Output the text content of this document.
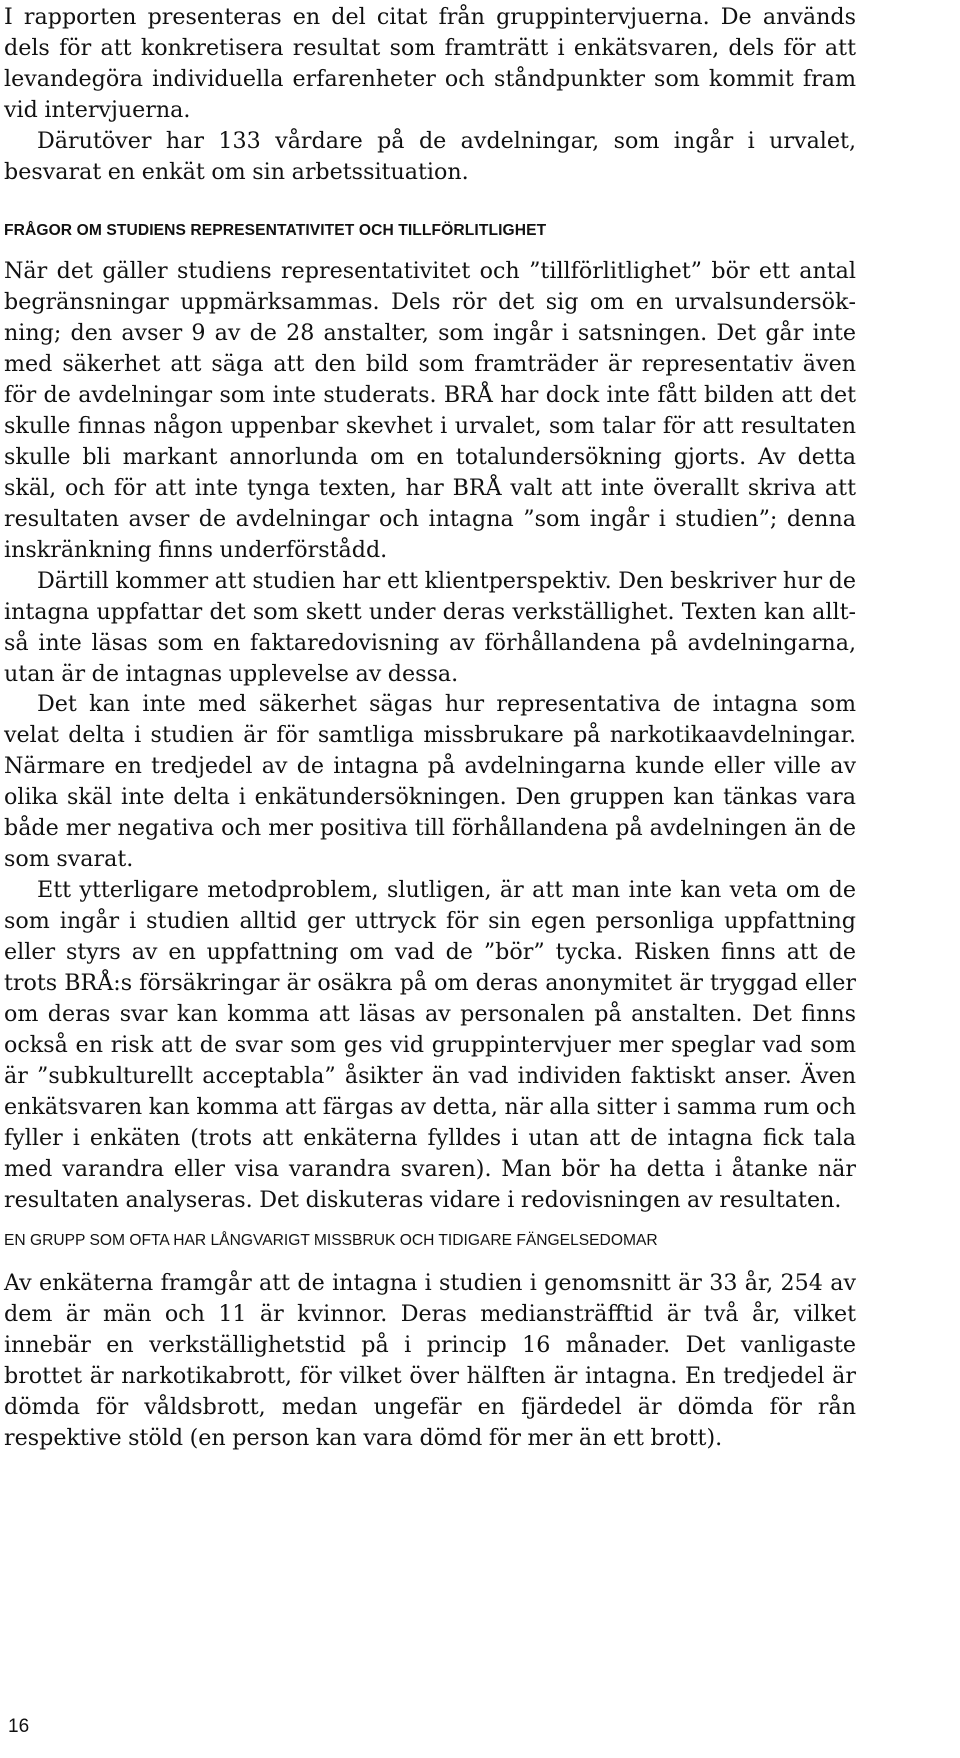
I rapporten presenteras en del citat från gruppintervjuerna. De används dels för att konkretisera resultat som framträtt i enkätsvaren, dels för att levandegöra individuella erfarenheter och ståndpunkter som kommit fram vid intervjuerna.

Därutöver har 133 vårdare på de avdelningar, som ingår i urvalet, besvarat en enkät om sin arbetssituation.

FRÅGOR OM STUDIENS REPRESENTATIVITET OCH TILLFÖRLITLIGHET

När det gäller studiens representativitet och ”tillförlitlighet” bör ett antal begränsningar uppmärksammas. Dels rör det sig om en urvalsundersökning; den avser 9 av de 28 anstalter, som ingår i satsningen. Det går inte med säkerhet att säga att den bild som framträder är representativ även för de avdelningar som inte studerats. BRÅ har dock inte fått bilden att det skulle finnas någon uppenbar skevhet i urvalet, som talar för att resultaten skulle bli markant annorlunda om en totalundersökning gjorts. Av detta skäl, och för att inte tynga texten, har BRÅ valt att inte överallt skriva att resultaten avser de avdelningar och intagna ”som ingår i studien”; denna inskränkning finns underförstådd.

Därtill kommer att studien har ett klientperspektiv. Den beskriver hur de intagna uppfattar det som skett under deras verkställighet. Texten kan alltså inte läsas som en faktaredovisning av förhållandena på avdelningarna, utan är de intagnas upplevelse av dessa.

Det kan inte med säkerhet sägas hur representativa de intagna som velat delta i studien är för samtliga missbrukare på narkotikaavdelningar. Närmare en tredjedel av de intagna på avdelningarna kunde eller ville av olika skäl inte delta i enkätundersökningen. Den gruppen kan tänkas vara både mer negativa och mer positiva till förhållandena på avdelningen än de som svarat.

Ett ytterligare metodproblem, slutligen, är att man inte kan veta om de som ingår i studien alltid ger uttryck för sin egen personliga uppfattning eller styrs av en uppfattning om vad de ”bör” tycka. Risken finns att de trots BRÅ:s försäkringar är osäkra på om deras anonymitet är tryggad eller om deras svar kan komma att läsas av personalen på anstalten. Det finns också en risk att de svar som ges vid gruppintervjuer mer speglar vad som är ”subkulturellt acceptabla” åsikter än vad individen faktiskt anser. Även enkätsvaren kan komma att färgas av detta, när alla sitter i samma rum och fyller i enkäten (trots att enkäterna fylldes i utan att de intagna fick tala med varandra eller visa varandra svaren). Man bör ha detta i åtanke när resultaten analyseras. Det diskuteras vidare i redovisningen av resultaten.

EN GRUPP SOM OFTA HAR LÅNGVARIGT MISSBRUK OCH TIDIGARE FÄNGELSEDOMAR

Av enkäterna framgår att de intagna i studien i genomsnitt är 33 år, 254 av dem är män och 11 är kvinnor. Deras mediansträfftid är två år, vilket innebär en verkställighetstid på i princip 16 månader. Det vanligaste brottet är narkotikabrott, för vilket över hälften är intagna. En tredjedel är dömda för våldsbrott, medan ungefär en fjärdedel är dömda för rån respektive stöld (en person kan vara dömd för mer än ett brott).

16
